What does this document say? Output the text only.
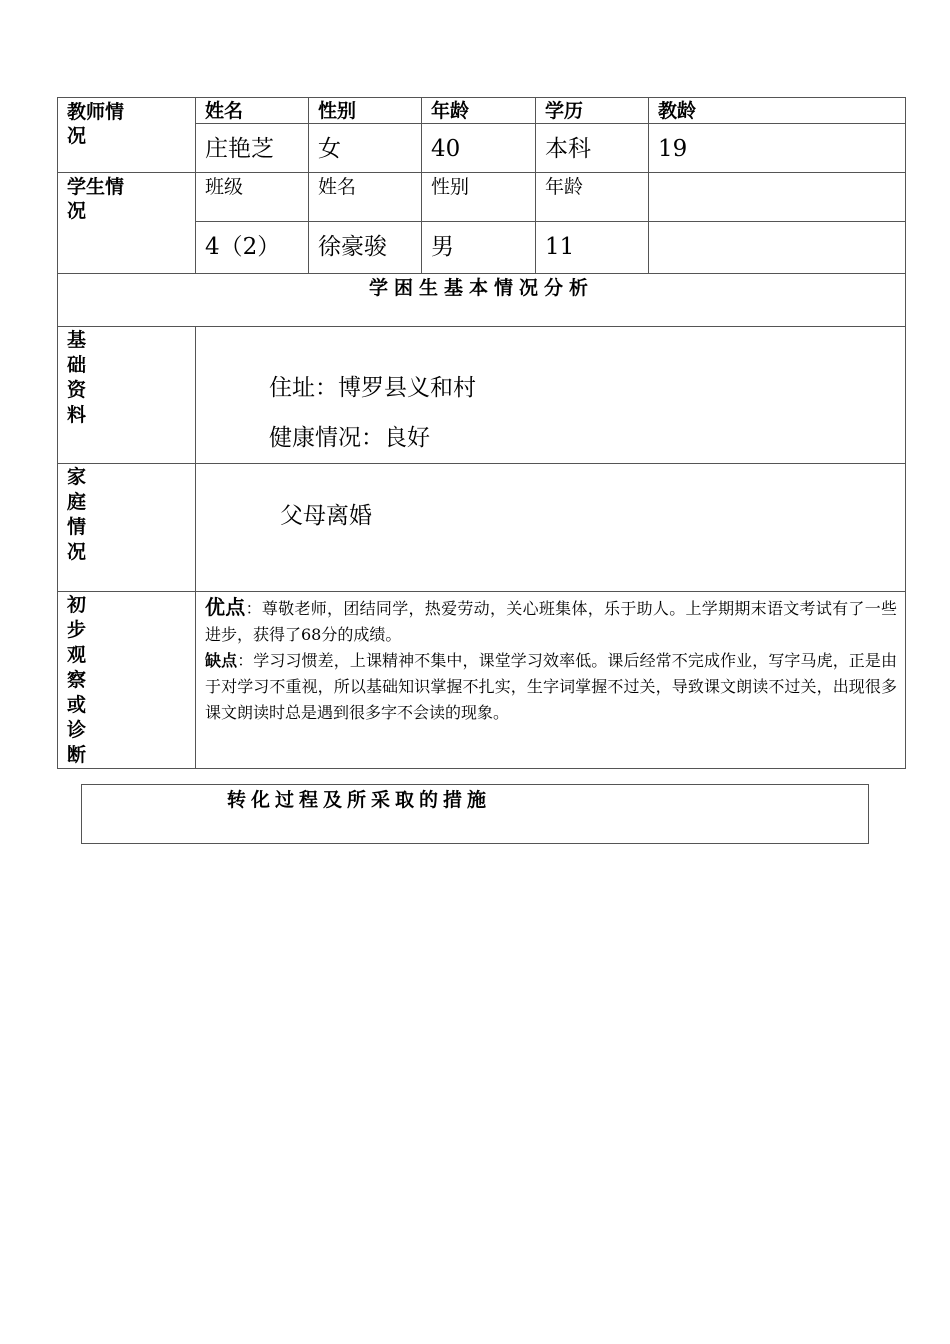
教师情况	姓名	性别	年龄	学历	教龄
	庄艳芝	女	40	本科	19
学生情况	班级	姓名	性别	年龄	
	4（2）	徐豪骏	男	11	
学困生基本情况分析					
基础资料	住址：博罗县义和村
健康情况：良好				

家庭情况	父母离婚				
初步观察或诊断	优点：尊敬老师，团结同学，热爱劳动，关心班集体，乐于助人。上学期期末语文考试有了一些进步，获得了68分的成绩。
缺点：学习习惯差，上课精神不集中，课堂学习效率低。课后经常不完成作业，写字马虎，正是由于对学习不重视，所以基础知识掌握不扎实，生字词掌握不过关，导致课文朗读不过关，出现很多课文朗读时总是遇到很多字不会读的现象。				
转化过程及所采取的措施
